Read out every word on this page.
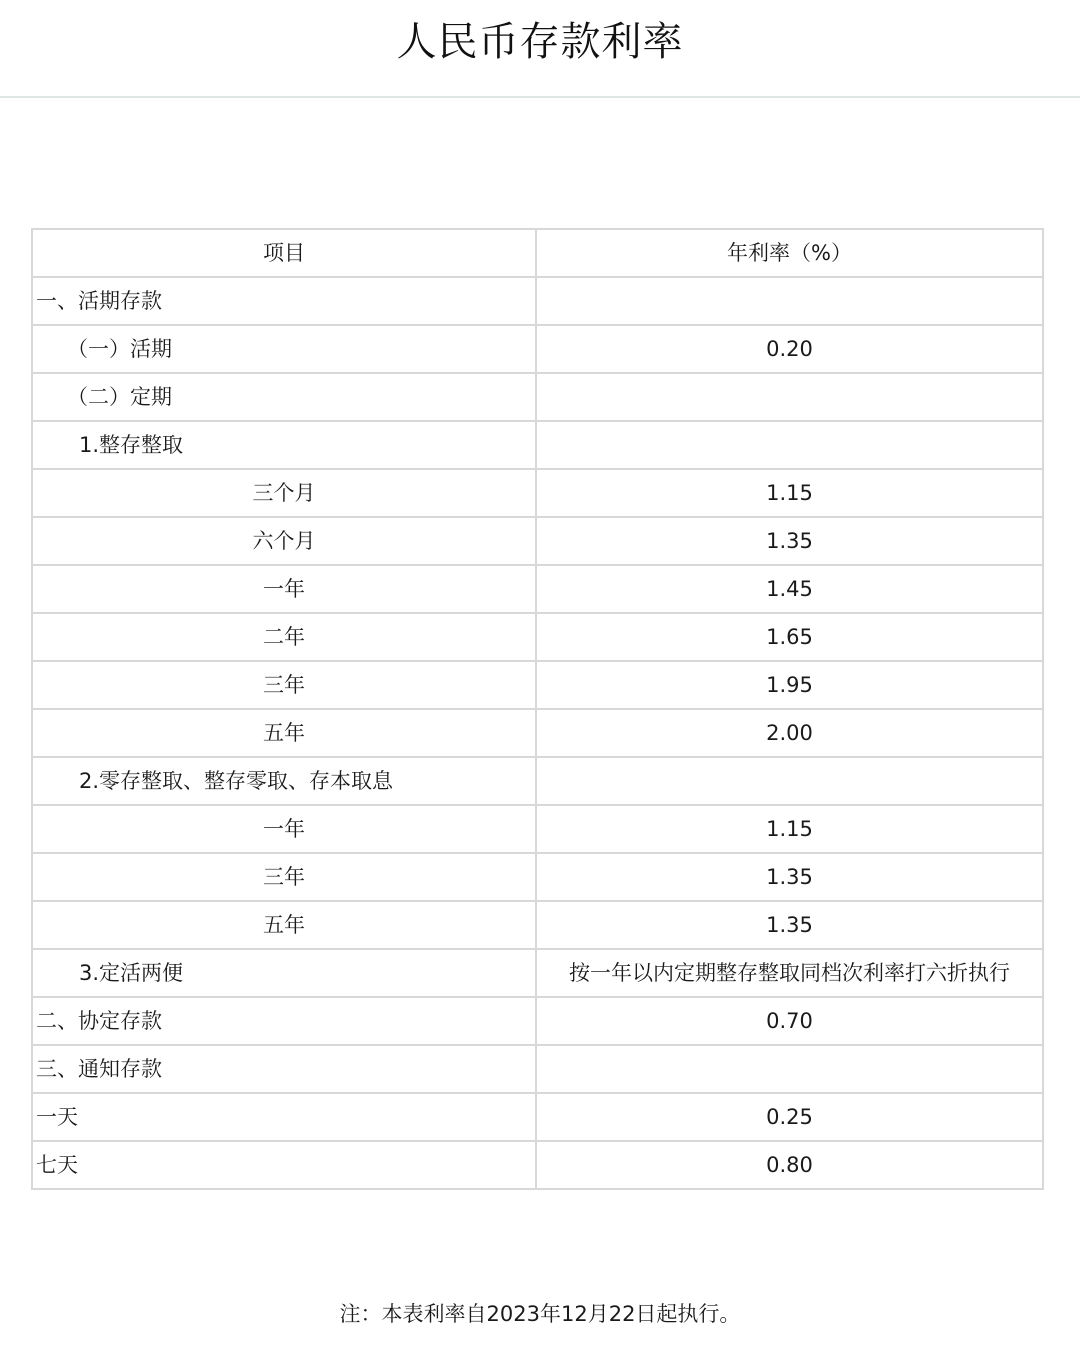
人民币存款利率
项目	年利率（%）
一、活期存款	
（一）活期	0.20
（二）定期	
1.整存整取	
三个月	1.15
六个月	1.35
一年	1.45
二年	1.65
三年	1.95
五年	2.00
2.零存整取、整存零取、存本取息	
一年	1.15
三年	1.35
五年	1.35
3.定活两便	按一年以内定期整存整取同档次利率打六折执行
二、协定存款	0.70
三、通知存款	
一天	0.25
七天	0.80
注：本表利率自2023年12月22日起执行。
